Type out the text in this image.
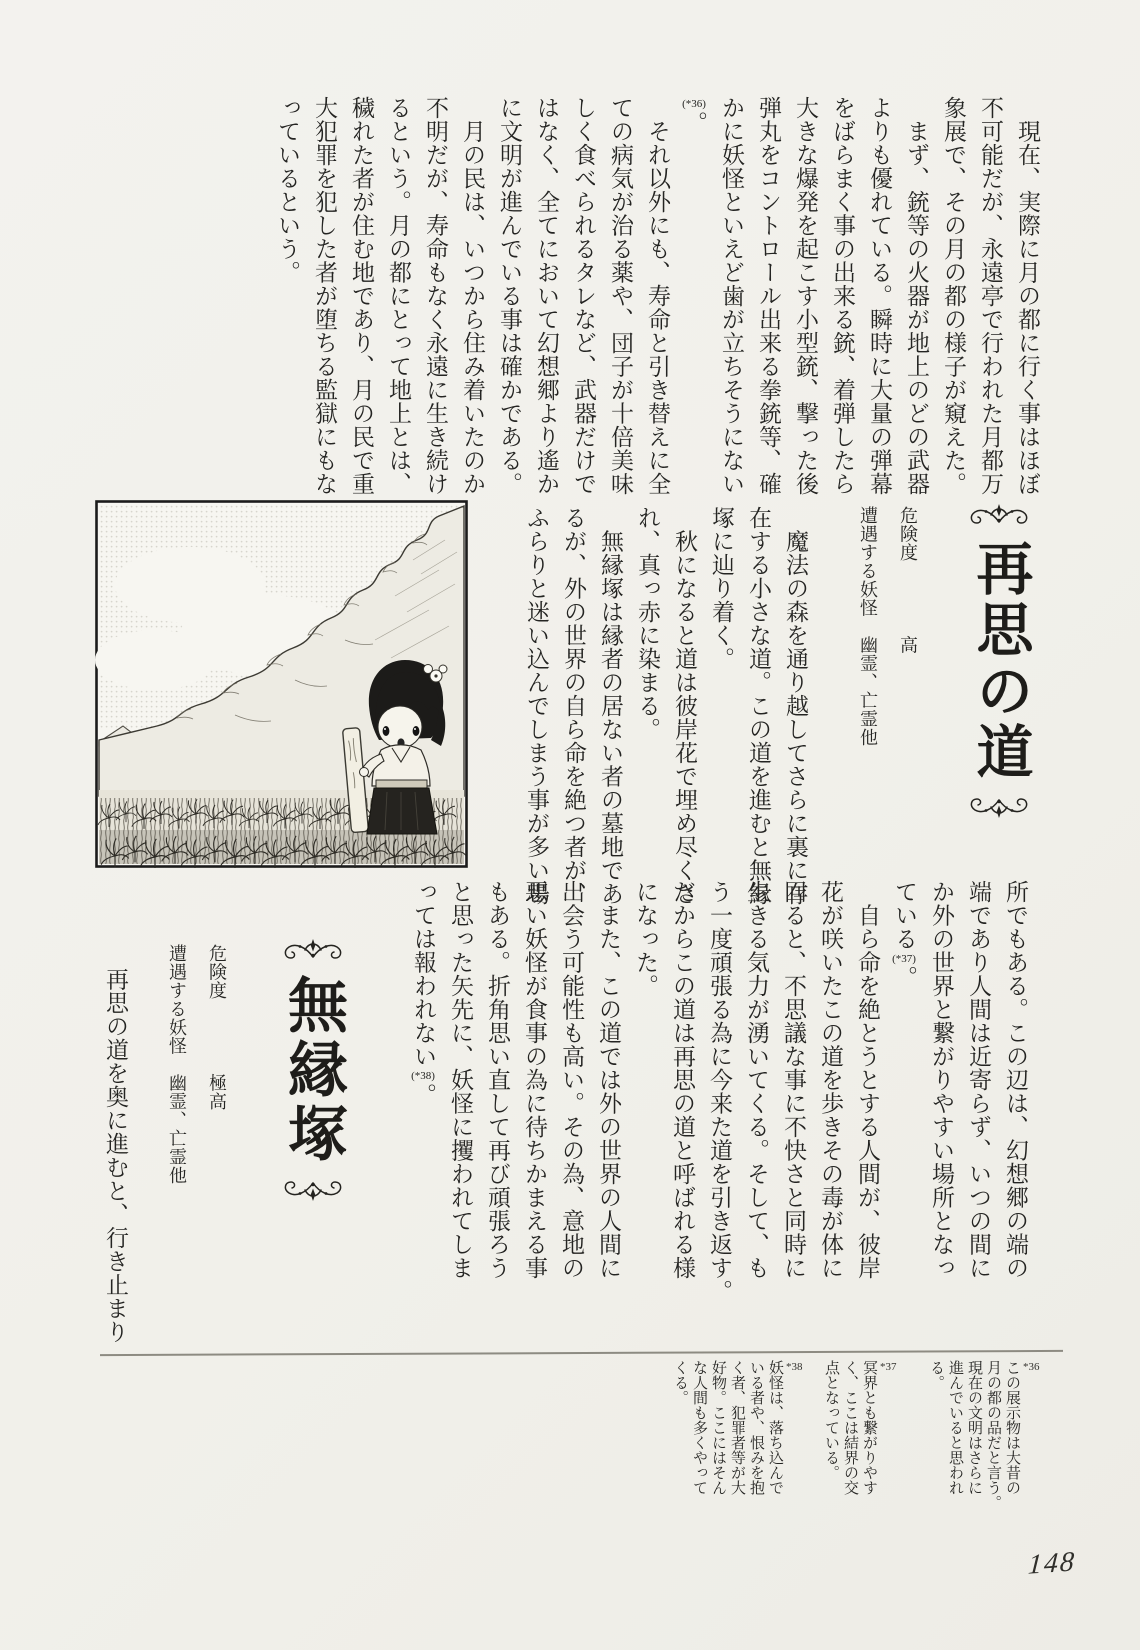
　現在、実際に月の都に行く事はほぼ
不可能だが、永遠亭で行われた月都万
象展で、その月の都の様子が窺えた。
　まず、銃等の火器が地上のどの武器
よりも優れている。瞬時に大量の弾幕
をばらまく事の出来る銃、着弾したら
大きな爆発を起こす小型銃、撃った後
弾丸をコントロール出来る拳銃等、確
かに妖怪といえど歯が立ちそうにない
(*36)。
　それ以外にも、寿命と引き替えに全
ての病気が治る薬や、団子が十倍美味
しく食べられるタレなど、武器だけで
はなく、全てにおいて幻想郷より遙か
に文明が進んでいる事は確かである。
　月の民は、いつから住み着いたのか
不明だが、寿命もなく永遠に生き続け
るという。月の都にとって地上とは、
穢れた者が住む地であり、月の民で重
大犯罪を犯した者が堕ちる監獄にもな
っているという。
再思の道
危険度　　　　高
遭遇する妖怪　幽霊、亡霊他
　魔法の森を通り越してさらに裏に存
在する小さな道。この道を進むと無縁
塚に辿り着く。
　秋になると道は彼岸花で埋め尽くさ
れ、真っ赤に染まる。
　無縁塚は縁者の居ない者の墓地であ
るが、外の世界の自ら命を絶つ者が、
ふらりと迷い込んでしまう事が多い場
所でもある。この辺は、幻想郷の端の
端であり人間は近寄らず、いつの間に
か外の世界と繋がりやすい場所となっ
ている(*37)。
　自ら命を絶とうとする人間が、彼岸
花が咲いたこの道を歩きその毒が体に
回ると、不思議な事に不快さと同時に
生きる気力が湧いてくる。そして、も
う一度頑張る為に今来た道を引き返す。
だからこの道は再思の道と呼ばれる様
になった。
　また、この道では外の世界の人間に
出会う可能性も高い。その為、意地の
悪い妖怪が食事の為に待ちかまえる事
もある。折角思い直して再び頑張ろう
と思った矢先に、妖怪に攫われてしま
っては報われない(*38)。
無縁塚
危険度　　　　極高
遭遇する妖怪　幽霊、亡霊他
　再思の道を奥に進むと、行き止まり
*36
この展示物は大昔の
月の都の品だと言う。
現在の文明はさらに
進んでいると思われ
る。
*37
冥界とも繋がりやす
く、ここは結界の交
点となっている。
*38
妖怪は、落ち込んで
いる者や、恨みを抱
く者、犯罪者等が大
好物。ここにはそん
な人間も多くやって
くる。
148
